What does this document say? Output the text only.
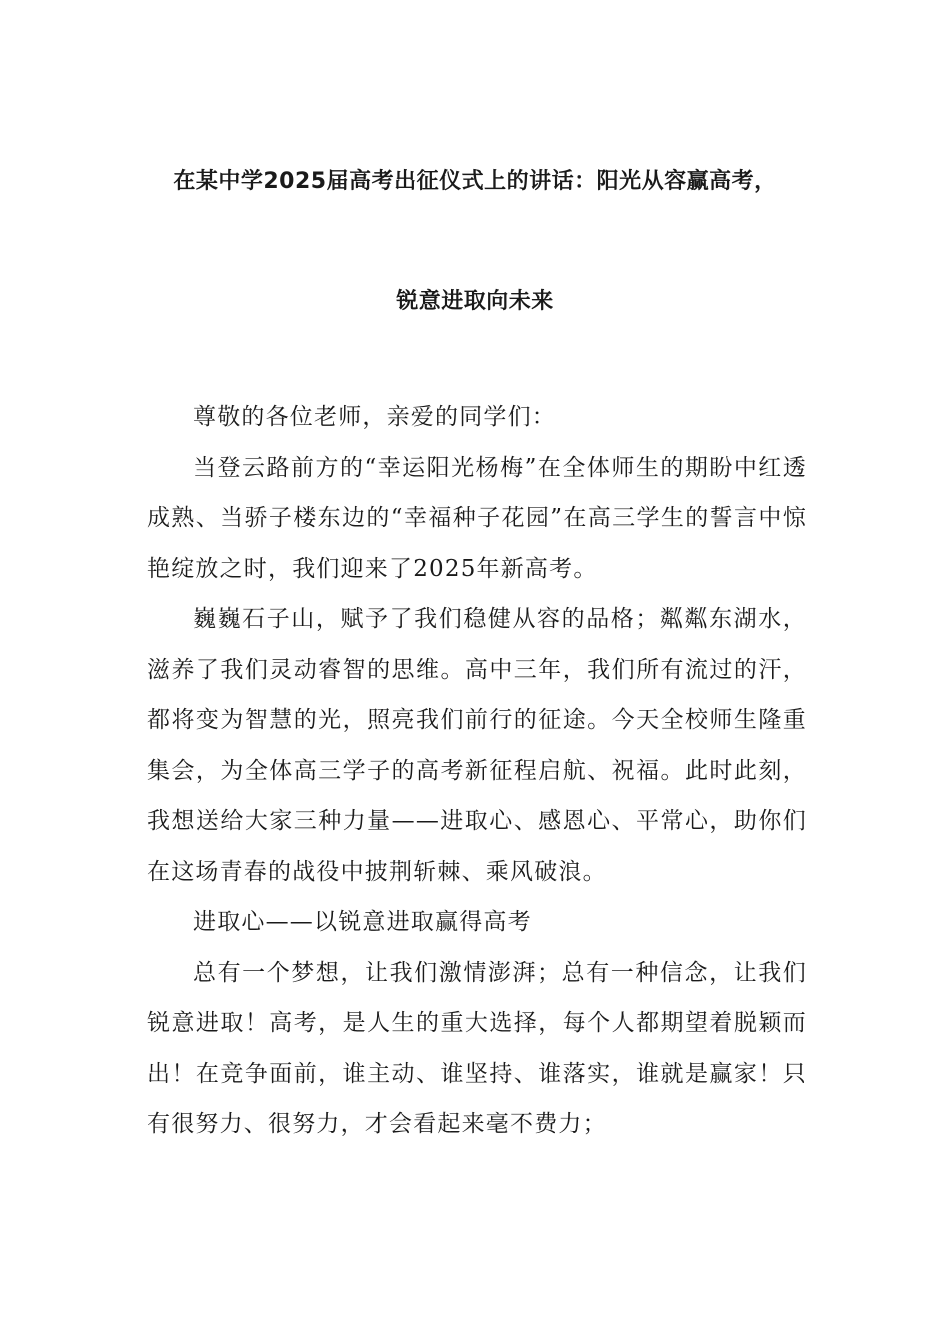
在某中学2025届高考出征仪式上的讲话：阳光从容赢高考，
锐意进取向未来

尊敬的各位老师，亲爱的同学们：

当登云路前方的“幸运阳光杨梅”在全体师生的期盼中红透成熟、当骄子楼东边的“幸福种子花园”在高三学生的誓言中惊艳绽放之时，我们迎来了2025年新高考。

巍巍石子山，赋予了我们稳健从容的品格；粼粼东湖水，滋养了我们灵动睿智的思维。高中三年，我们所有流过的汗，都将变为智慧的光，照亮我们前行的征途。今天全校师生隆重集会，为全体高三学子的高考新征程启航、祝福。此时此刻，我想送给大家三种力量——进取心、感恩心、平常心，助你们在这场青春的战役中披荆斩棘、乘风破浪。

进取心——以锐意进取赢得高考

总有一个梦想，让我们激情澎湃；总有一种信念，让我们锐意进取！高考，是人生的重大选择，每个人都期望着脱颖而出！在竞争面前，谁主动、谁坚持、谁落实，谁就是赢家！只有很努力、很努力，才会看起来毫不费力；
